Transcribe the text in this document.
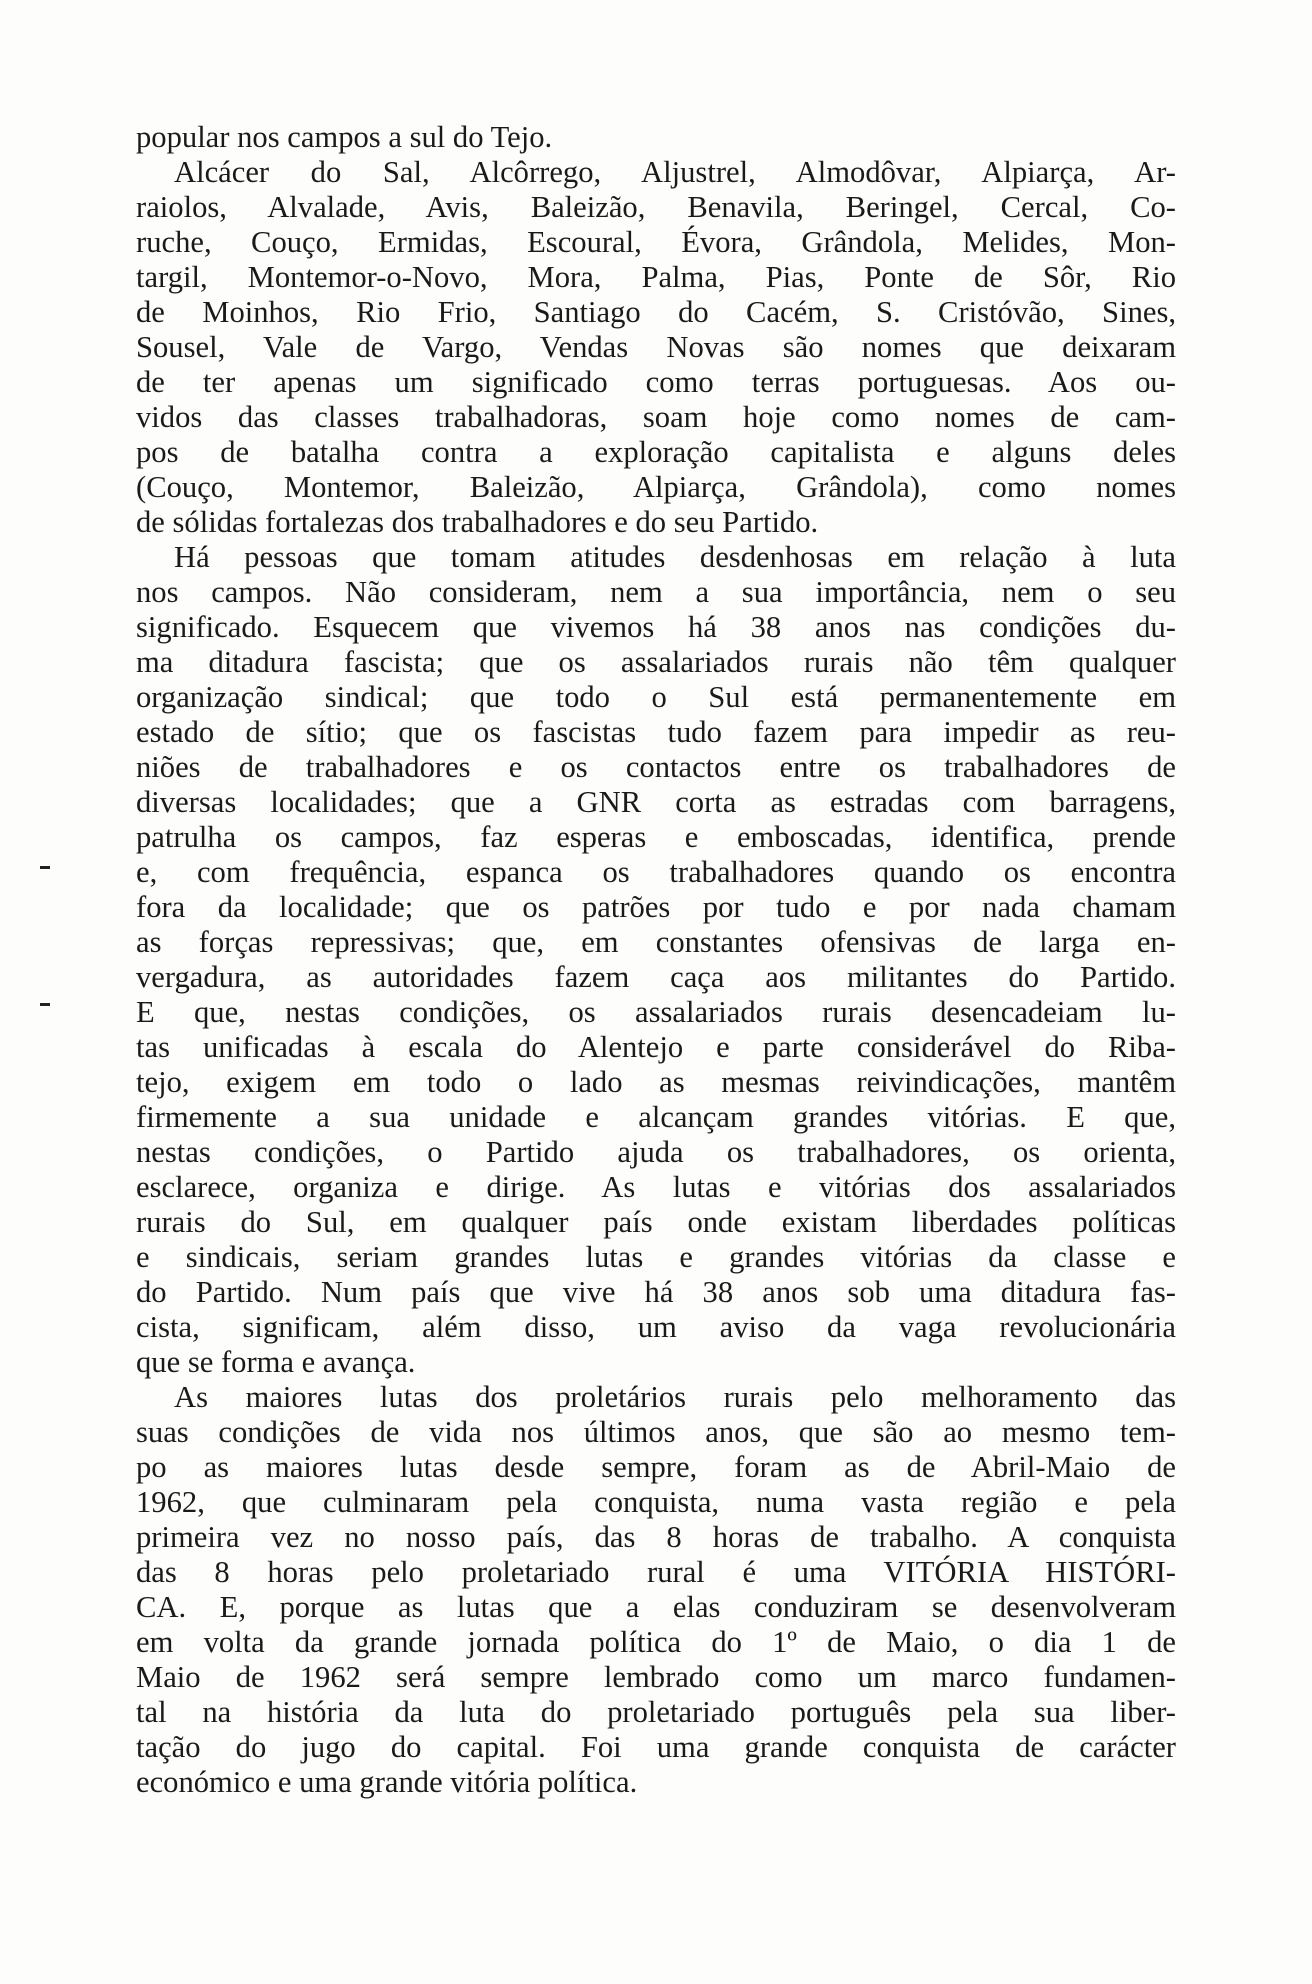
popular nos campos a sul do Tejo.
Alcácer do Sal, Alcôrrego, Aljustrel, Almodôvar, Alpiarça, Ar-
raiolos, Alvalade, Avis, Baleizão, Benavila, Beringel, Cercal, Co-
ruche, Couço, Ermidas, Escoural, Évora, Grândola, Melides, Mon-
targil, Montemor-o-Novo, Mora, Palma, Pias, Ponte de Sôr, Rio
de Moinhos, Rio Frio, Santiago do Cacém, S. Cristóvão, Sines,
Sousel, Vale de Vargo, Vendas Novas são nomes que deixaram
de ter apenas um significado como terras portuguesas. Aos ou-
vidos das classes trabalhadoras, soam hoje como nomes de cam-
pos de batalha contra a exploração capitalista e alguns deles
(Couço, Montemor, Baleizão, Alpiarça, Grândola), como nomes
de sólidas fortalezas dos trabalhadores e do seu Partido.
Há pessoas que tomam atitudes desdenhosas em relação à luta
nos campos. Não consideram, nem a sua importância, nem o seu
significado. Esquecem que vivemos há 38 anos nas condições du-
ma ditadura fascista; que os assalariados rurais não têm qualquer
organização sindical; que todo o Sul está permanentemente em
estado de sítio; que os fascistas tudo fazem para impedir as reu-
niões de trabalhadores e os contactos entre os trabalhadores de
diversas localidades; que a GNR corta as estradas com barragens,
patrulha os campos, faz esperas e emboscadas, identifica, prende
e, com frequência, espanca os trabalhadores quando os encontra
fora da localidade; que os patrões por tudo e por nada chamam
as forças repressivas; que, em constantes ofensivas de larga en-
vergadura, as autoridades fazem caça aos militantes do Partido.
E que, nestas condições, os assalariados rurais desencadeiam lu-
tas unificadas à escala do Alentejo e parte considerável do Riba-
tejo, exigem em todo o lado as mesmas reivindicações, mantêm
firmemente a sua unidade e alcançam grandes vitórias. E que,
nestas condições, o Partido ajuda os trabalhadores, os orienta,
esclarece, organiza e dirige. As lutas e vitórias dos assalariados
rurais do Sul, em qualquer país onde existam liberdades políticas
e sindicais, seriam grandes lutas e grandes vitórias da classe e
do Partido. Num país que vive há 38 anos sob uma ditadura fas-
cista, significam, além disso, um aviso da vaga revolucionária
que se forma e avança.
As maiores lutas dos proletários rurais pelo melhoramento das
suas condições de vida nos últimos anos, que são ao mesmo tem-
po as maiores lutas desde sempre, foram as de Abril-Maio de
1962, que culminaram pela conquista, numa vasta região e pela
primeira vez no nosso país, das 8 horas de trabalho. A conquista
das 8 horas pelo proletariado rural é uma VITÓRIA HISTÓRI-
CA. E, porque as lutas que a elas conduziram se desenvolveram
em volta da grande jornada política do 1º de Maio, o dia 1 de
Maio de 1962 será sempre lembrado como um marco fundamen-
tal na história da luta do proletariado português pela sua liber-
tação do jugo do capital. Foi uma grande conquista de carácter
económico e uma grande vitória política.
